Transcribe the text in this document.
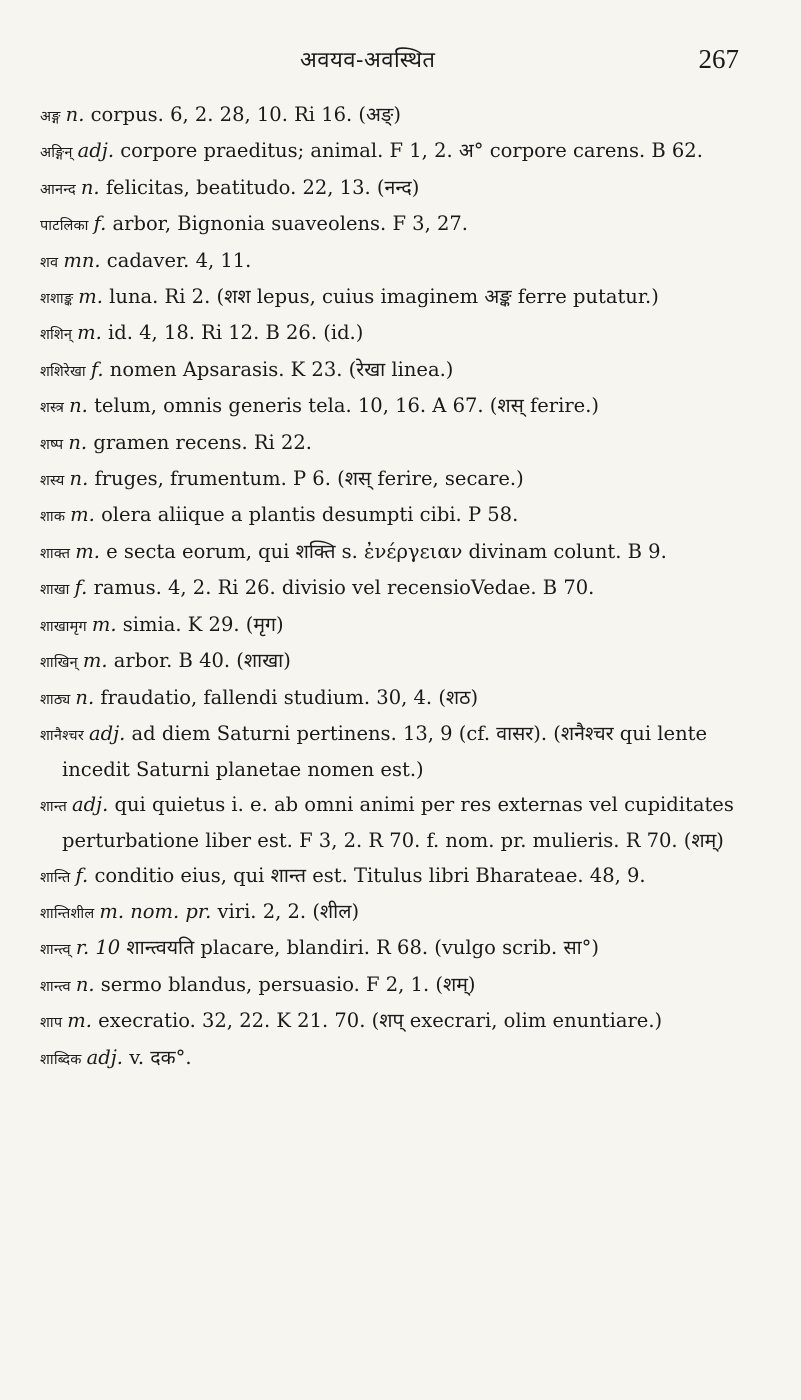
अवयव-अवस्थित	267

अङ्ग n. corpus. 6, 2. 28, 10. Ri 16. (अङ्)

अङ्गिन् adj. corpore praeditus; animal. F 1, 2. अ° corpore carens. B 62.

आनन्द n. felicitas, beatitudo. 22, 13. (नन्द)

पाटलिका f. arbor, Bignonia suaveolens. F 3, 27.

शव mn. cadaver. 4, 11.

शशाङ्क m. luna. Ri 2. (शश lepus, cuius imaginem अङ्क ferre putatur.)

शशिन् m. id. 4, 18. Ri 12. B 26. (id.)

शशिरेखा f. nomen Apsarasis. K 23. (रेखा linea.)

शस्त्र n. telum, omnis generis tela. 10, 16. A 67. (शस् ferire.)

शष्प n. gramen recens. Ri 22.

शस्य n. fruges, frumentum. P 6. (शस् ferire, secare.)

शाक m. olera aliique a plantis desumpti cibi. P 58.

शाक्त m. e secta eorum, qui शक्ति s. ἐνέργειαν divinam colunt. B 9.

शाखा f. ramus. 4, 2. Ri 26. divisio vel recensioVedae. B 70.

शाखामृग m. simia. K 29. (मृग)

शाखिन् m. arbor. B 40. (शाखा)

शाठ्य n. fraudatio, fallendi studium. 30, 4. (शठ)

शानैश्चर adj. ad diem Saturni pertinens. 13, 9 (cf. वासर). (शनैश्चर qui lente incedit Saturni planetae nomen est.)

शान्त adj. qui quietus i. e. ab omni animi per res externas vel cupiditates perturbatione liber est. F 3, 2. R 70. f. nom. pr. mulieris. R 70. (शम्)

शान्ति f. conditio eius, qui शान्त est. Titulus libri Bharateae. 48, 9.

शान्तिशील m. nom. pr. viri. 2, 2. (शील)

शान्त्व् r. 10 शान्त्वयति placare, blandiri. R 68. (vulgo scrib. सा°)

शान्त्व n. sermo blandus, persuasio. F 2, 1. (शम्)

शाप m. execratio. 32, 22. K 21. 70. (शप् execrari, olim enuntiare.)

शाब्दिक adj. v. दक°.
